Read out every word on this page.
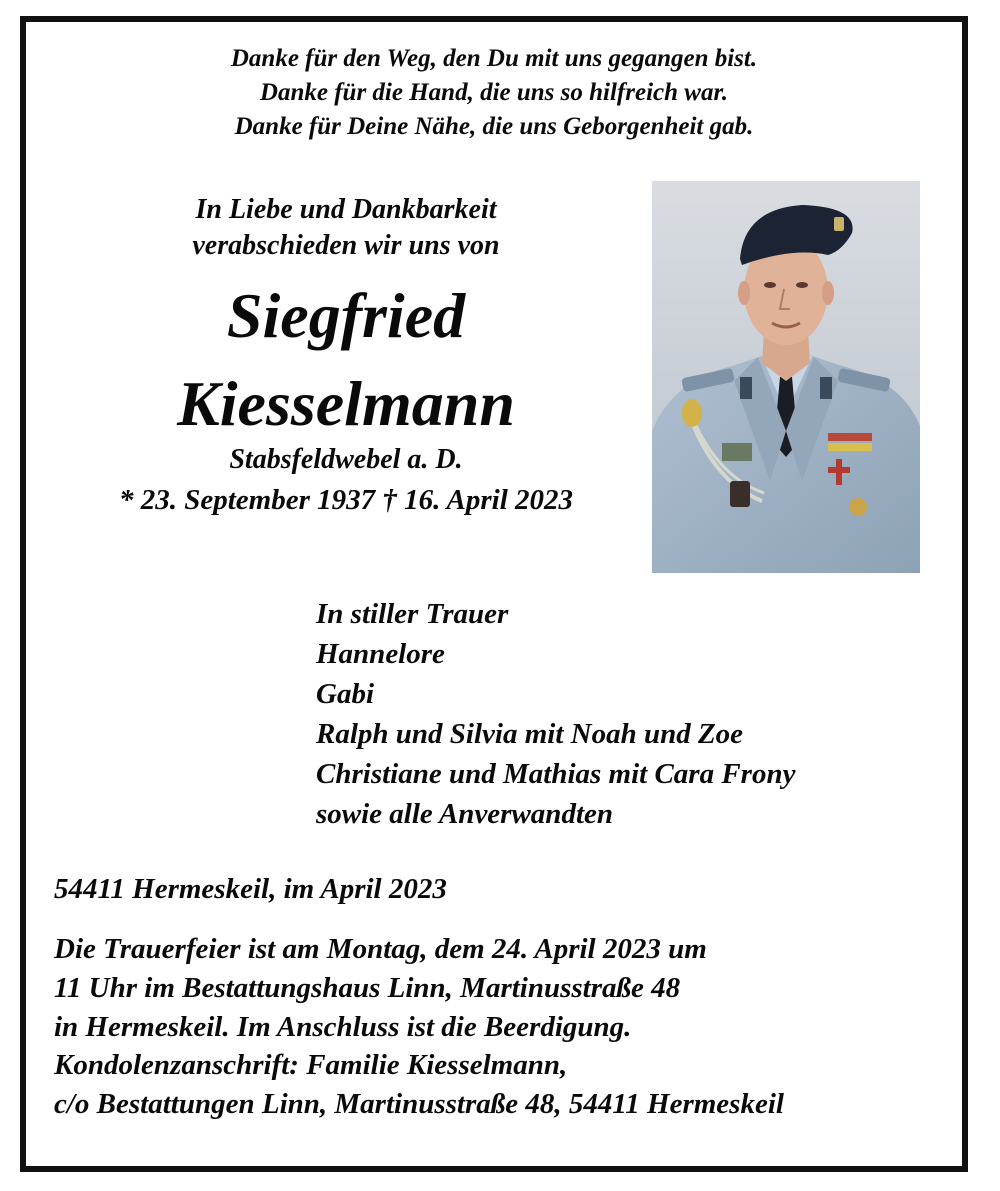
Danke für den Weg, den Du mit uns gegangen bist.
Danke für die Hand, die uns so hilfreich war.
Danke für Deine Nähe, die uns Geborgenheit gab.
In Liebe und Dankbarkeit
verabschieden wir uns von
Siegfried
Kiesselmann
Stabsfeldwebel a. D.
* 23. September 1937 † 16. April 2023
In stiller Trauer
Hannelore
Gabi
Ralph und Silvia mit Noah und Zoe
Christiane und Mathias mit Cara Frony
sowie alle Anverwandten
54411 Hermeskeil, im April 2023
Die Trauerfeier ist am Montag, dem 24. April 2023 um
11 Uhr im Bestattungshaus Linn, Martinusstraße 48
in Hermeskeil. Im Anschluss ist die Beerdigung.
Kondolenzanschrift: Familie Kiesselmann,
c/o Bestattungen Linn, Martinusstraße 48, 54411 Hermeskeil
